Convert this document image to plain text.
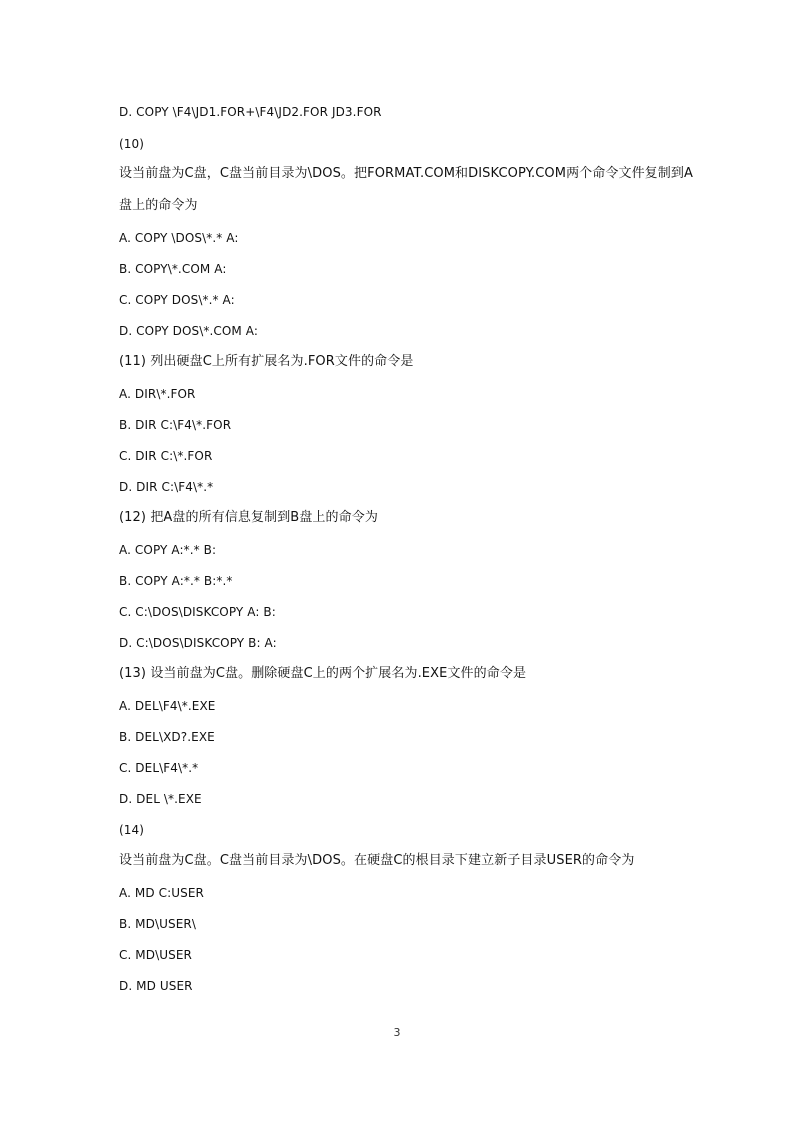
D. COPY \F4\JD1.FOR+\F4\JD2.FOR JD3.FOR
(10)
设当前盘为C盘，C盘当前目录为\DOS。把FORMAT.COM和DISKCOPY.COM两个命令文件复制到A
盘上的命令为
A. COPY \DOS\*.* A:
B. COPY\*.COM A:
C. COPY DOS\*.* A:
D. COPY DOS\*.COM A:
(11) 列出硬盘C上所有扩展名为.FOR文件的命令是
A. DIR\*.FOR
B. DIR C:\F4\*.FOR
C. DIR C:\*.FOR
D. DIR C:\F4\*.*
(12) 把A盘的所有信息复制到B盘上的命令为
A. COPY A:*.* B:
B. COPY A:*.* B:*.*
C. C:\DOS\DISKCOPY A: B:
D. C:\DOS\DISKCOPY B: A:
(13) 设当前盘为C盘。删除硬盘C上的两个扩展名为.EXE文件的命令是
A. DEL\F4\*.EXE
B. DEL\XD?.EXE
C. DEL\F4\*.*
D. DEL \*.EXE
(14)
设当前盘为C盘。C盘当前目录为\DOS。在硬盘C的根目录下建立新子目录USER的命令为
A. MD C:USER
B. MD\USER\
C. MD\USER
D. MD USER
3
